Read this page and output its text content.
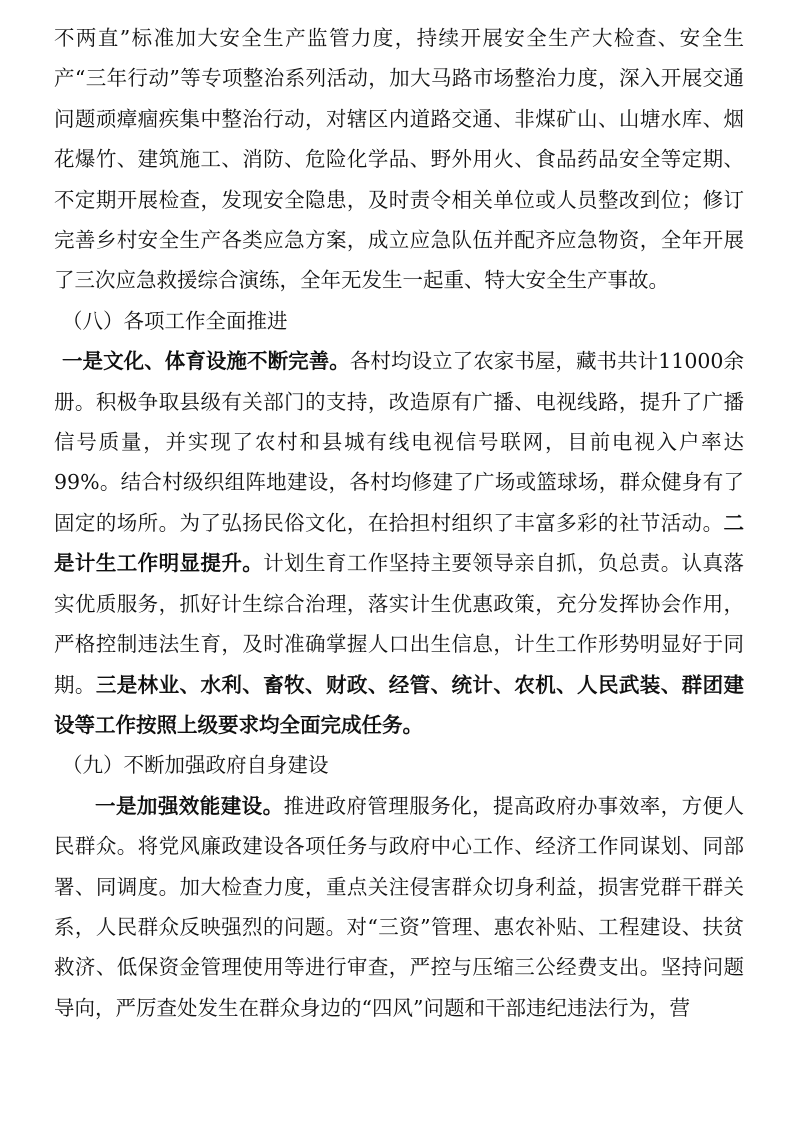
不两直”标准加大安全生产监管力度，持续开展安全生产大检查、安全生产“三年行动”等专项整治系列活动，加大马路市场整治力度，深入开展交通问题顽瘴痼疾集中整治行动，对辖区内道路交通、非煤矿山、山塘水库、烟花爆竹、建筑施工、消防、危险化学品、野外用火、食品药品安全等定期、不定期开展检查，发现安全隐患，及时责令相关单位或人员整改到位；修订完善乡村安全生产各类应急方案，成立应急队伍并配齐应急物资，全年开展了三次应急救援综合演练，全年无发生一起重、特大安全生产事故。

（八）各项工作全面推进

一是文化、体育设施不断完善。各村均设立了农家书屋，藏书共计11000余册。积极争取县级有关部门的支持，改造原有广播、电视线路，提升了广播信号质量，并实现了农村和县城有线电视信号联网，目前电视入户率达99%。结合村级织组阵地建设，各村均修建了广场或篮球场，群众健身有了固定的场所。为了弘扬民俗文化，在拾担村组织了丰富多彩的社节活动。二是计生工作明显提升。计划生育工作坚持主要领导亲自抓，负总责。认真落实优质服务，抓好计生综合治理，落实计生优惠政策，充分发挥协会作用，严格控制违法生育，及时准确掌握人口出生信息，计生工作形势明显好于同期。三是林业、水利、畜牧、财政、经管、统计、农机、人民武装、群团建设等工作按照上级要求均全面完成任务。

（九）不断加强政府自身建设

一是加强效能建设。推进政府管理服务化，提高政府办事效率，方便人民群众。将党风廉政建设各项任务与政府中心工作、经济工作同谋划、同部署、同调度。加大检查力度，重点关注侵害群众切身利益，损害党群干群关系，人民群众反映强烈的问题。对“三资”管理、惠农补贴、工程建设、扶贫救济、低保资金管理使用等进行审查，严控与压缩三公经费支出。坚持问题导向，严厉查处发生在群众身边的“四风”问题和干部违纪违法行为，营
